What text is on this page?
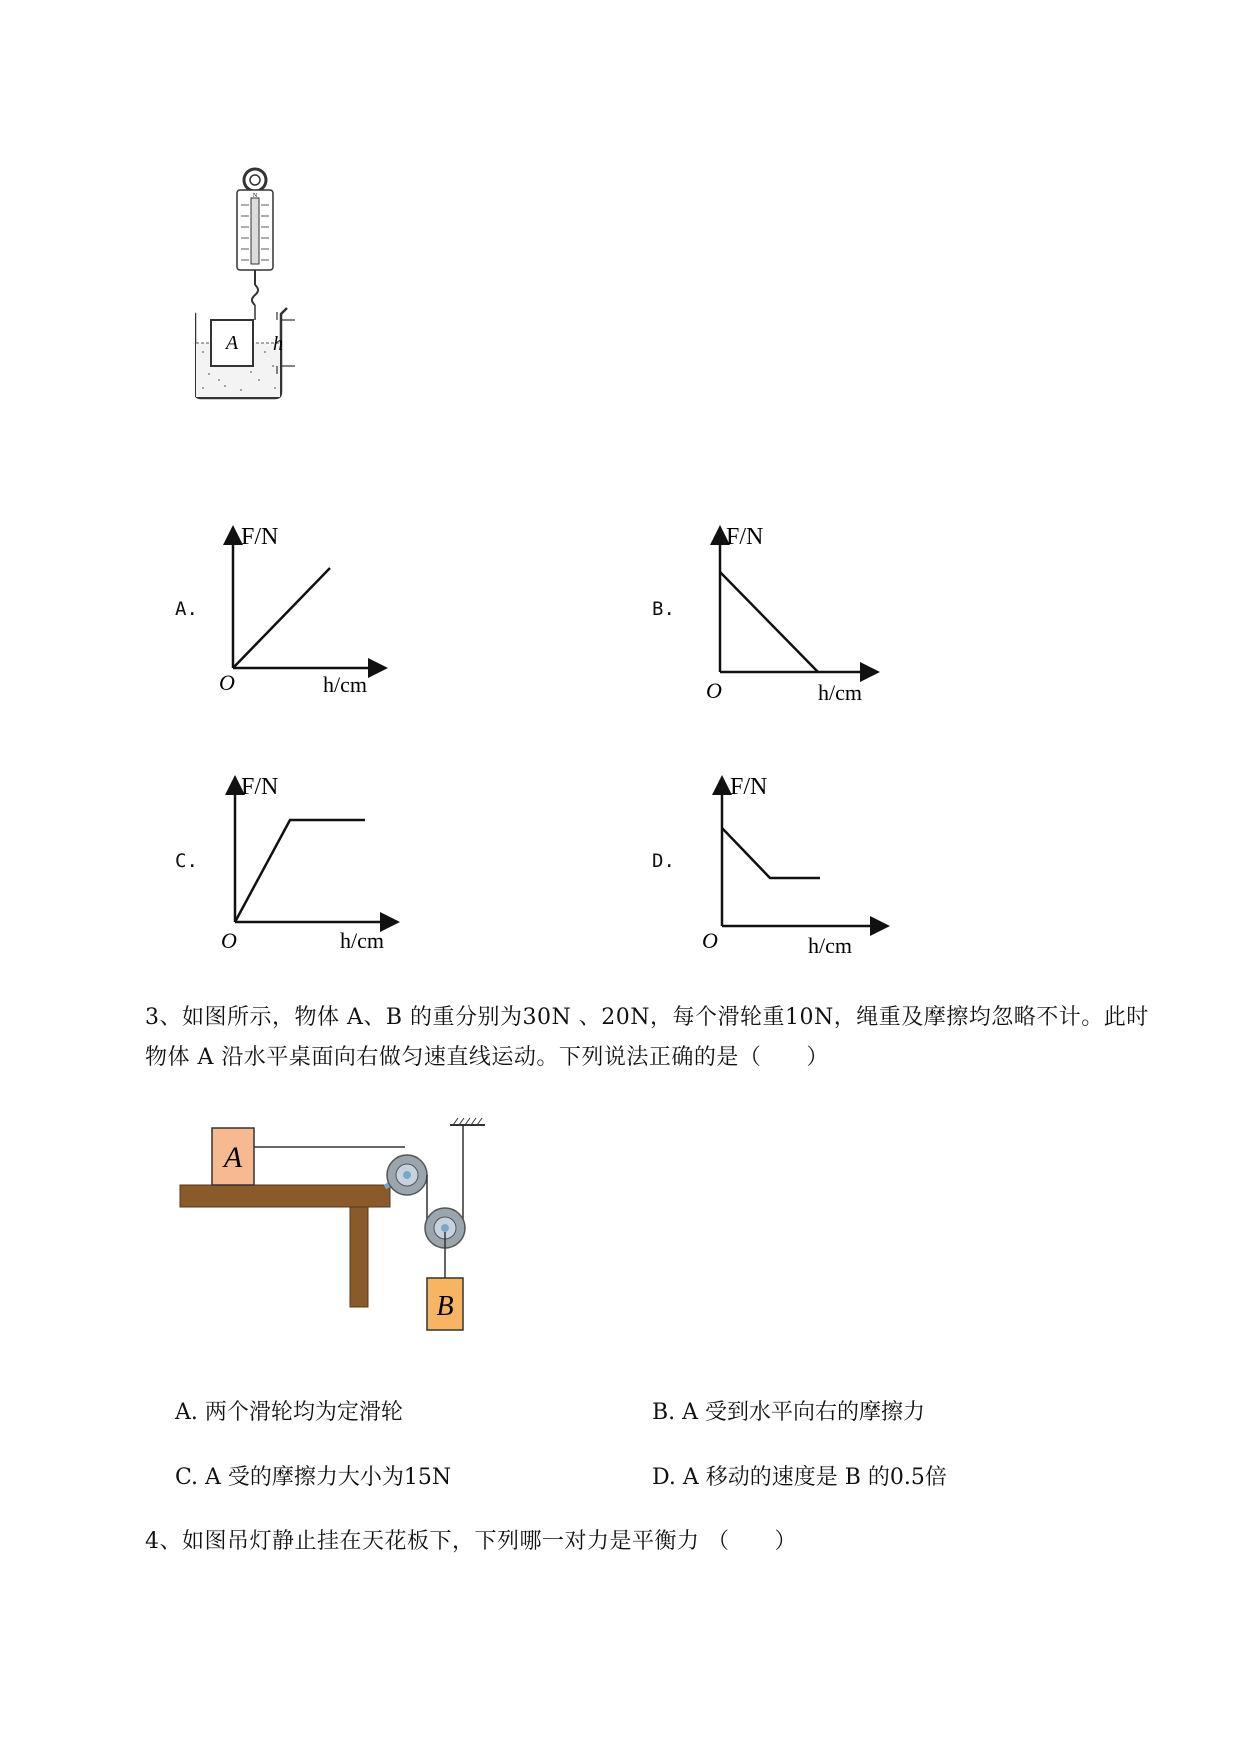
N
A h
A.
F/N
O	h/cm
B.
F/N
O	h/cm
C.
F/N
O	h/cm
D.
F/N
O	h/cm
3、如图所示，物体 A、B 的重分别为30N 、20N，每个滑轮重10N，绳重及摩擦均忽略不计。此时
物体 A 沿水平桌面向右做匀速直线运动。下列说法正确的是（　　）
A
B
A. 两个滑轮均为定滑轮	B. A 受到水平向右的摩擦力
C. A 受的摩擦力大小为15N	D. A 移动的速度是 B 的0.5倍
4、如图吊灯静止挂在天花板下，下列哪一对力是平衡力 （　　）
